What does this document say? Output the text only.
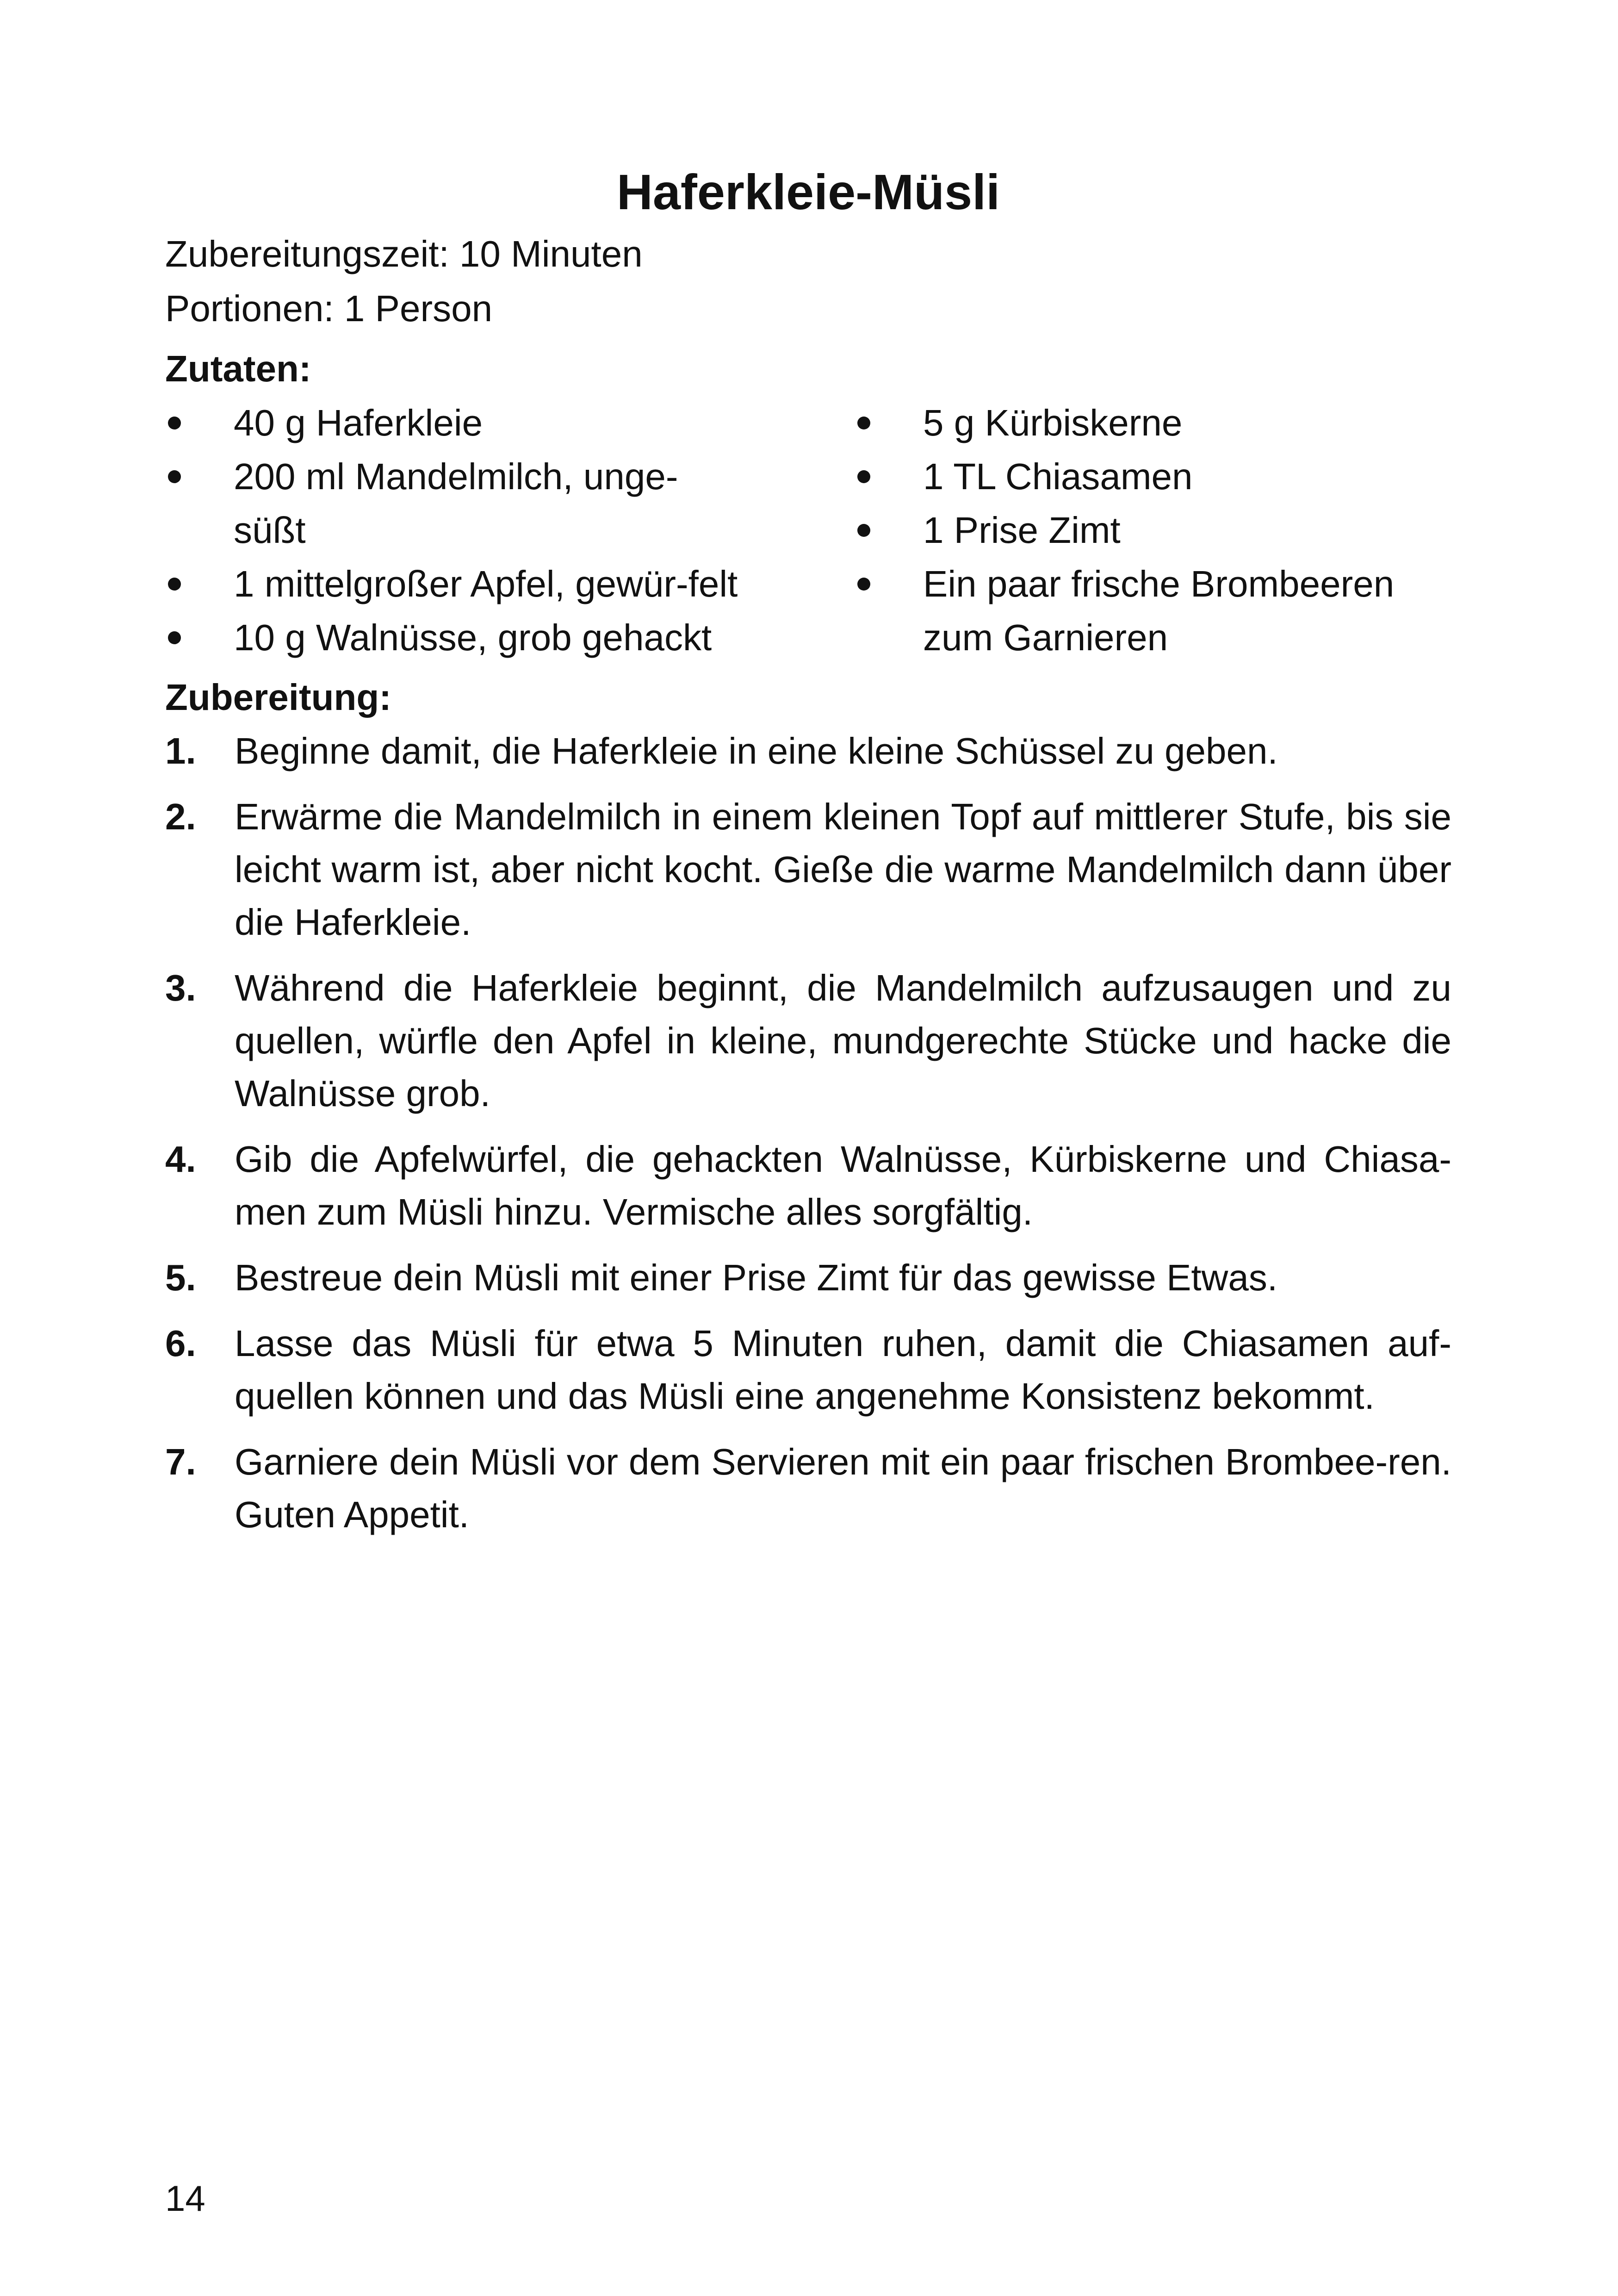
Haferkleie-Müsli
Zubereitungszeit: 10 Minuten
Portionen: 1 Person
Zutaten:
40 g Haferkleie
200 ml Mandelmilch, unge-süßt
1 mittelgroßer Apfel, gewür-felt
10 g Walnüsse, grob gehackt
5 g Kürbiskerne
1 TL Chiasamen
1 Prise Zimt
Ein paar frische Brombeeren zum Garnieren
Zubereitung:
1.	Beginne damit, die Haferkleie in eine kleine Schüssel zu geben.
2.	Erwärme die Mandelmilch in einem kleinen Topf auf mittlerer Stufe, bis sie leicht warm ist, aber nicht kocht. Gieße die warme Mandelmilch dann über die Haferkleie.
3.	Während die Haferkleie beginnt, die Mandelmilch aufzusaugen und zu quellen, würfle den Apfel in kleine, mundgerechte Stücke und hacke die Walnüsse grob.
4.	Gib die Apfelwürfel, die gehackten Walnüsse, Kürbiskerne und Chiasa-men zum Müsli hinzu. Vermische alles sorgfältig.
5.	Bestreue dein Müsli mit einer Prise Zimt für das gewisse Etwas.
6.	Lasse das Müsli für etwa 5 Minuten ruhen, damit die Chiasamen auf-quellen können und das Müsli eine angenehme Konsistenz bekommt.
7.	Garniere dein Müsli vor dem Servieren mit ein paar frischen Brombee-ren. Guten Appetit.
14
